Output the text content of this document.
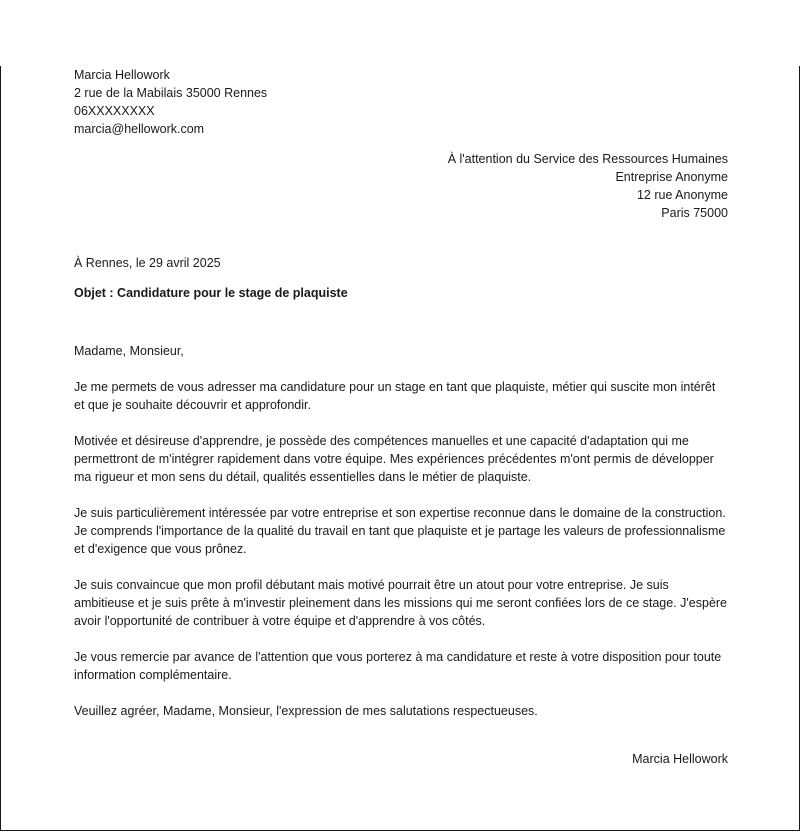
Marcia Hellowork
2 rue de la Mabilais 35000 Rennes
06XXXXXXXX
marcia@hellowork.com
À l'attention du Service des Ressources Humaines
Entreprise Anonyme
12 rue Anonyme
Paris 75000
À Rennes, le 29 avril 2025
Objet : Candidature pour le stage de plaquiste

Madame, Monsieur,

Je me permets de vous adresser ma candidature pour un stage en tant que plaquiste, métier qui suscite mon intérêt et que je souhaite découvrir et approfondir.

Motivée et désireuse d'apprendre, je possède des compétences manuelles et une capacité d'adaptation qui me permettront de m'intégrer rapidement dans votre équipe. Mes expériences précédentes m'ont permis de développer ma rigueur et mon sens du détail, qualités essentielles dans le métier de plaquiste.

Je suis particulièrement intéressée par votre entreprise et son expertise reconnue dans le domaine de la construction. Je comprends l'importance de la qualité du travail en tant que plaquiste et je partage les valeurs de professionnalisme et d'exigence que vous prônez.

Je suis convaincue que mon profil débutant mais motivé pourrait être un atout pour votre entreprise. Je suis ambitieuse et je suis prête à m'investir pleinement dans les missions qui me seront confiées lors de ce stage. J'espère avoir l'opportunité de contribuer à votre équipe et d'apprendre à vos côtés.

Je vous remercie par avance de l'attention que vous porterez à ma candidature et reste à votre disposition pour toute information complémentaire.

Veuillez agréer, Madame, Monsieur, l'expression de mes salutations respectueuses.

Marcia Hellowork
